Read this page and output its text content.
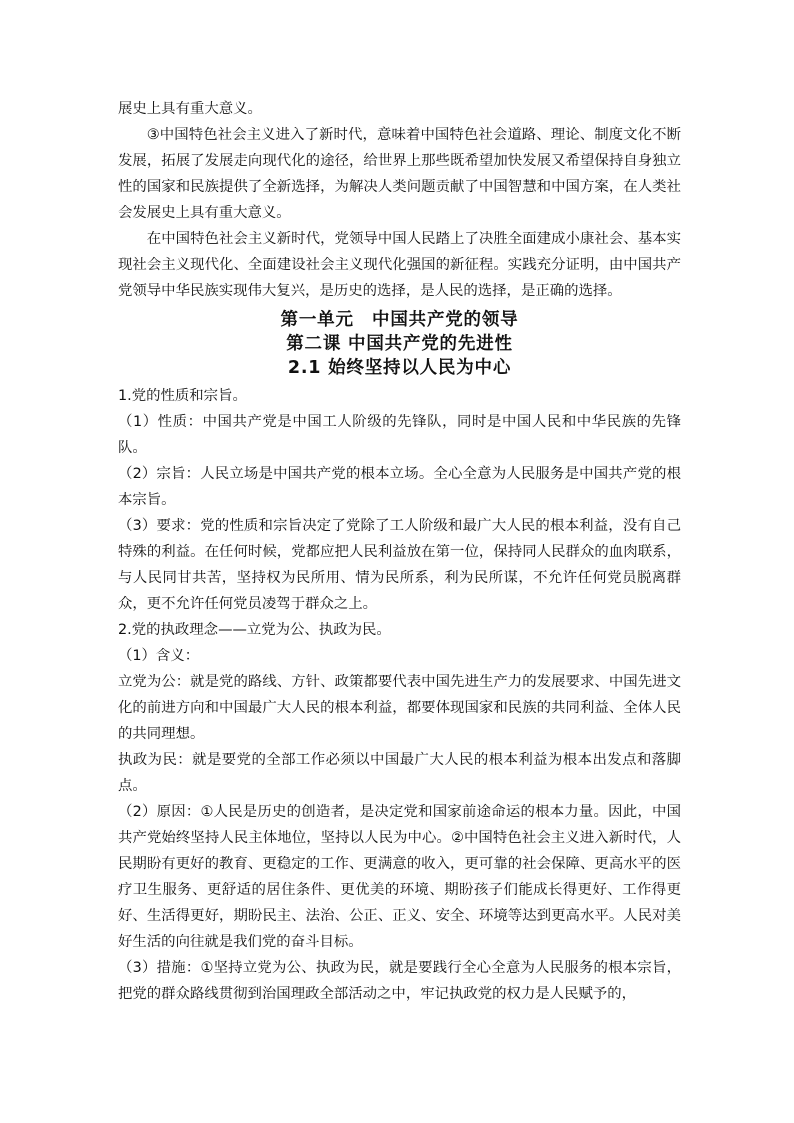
展史上具有重大意义。

③中国特色社会主义进入了新时代，意味着中国特色社会道路、理论、制度文化不断发展，拓展了发展走向现代化的途径，给世界上那些既希望加快发展又希望保持自身独立性的国家和民族提供了全新选择，为解决人类问题贡献了中国智慧和中国方案，在人类社会发展史上具有重大意义。

在中国特色社会主义新时代，党领导中国人民踏上了决胜全面建成小康社会、基本实现社会主义现代化、全面建设社会主义现代化强国的新征程。实践充分证明，由中国共产党领导中华民族实现伟大复兴，是历史的选择，是人民的选择，是正确的选择。

第一单元　中国共产党的领导
第二课 中国共产党的先进性
2.1 始终坚持以人民为中心

1.党的性质和宗旨。

（1）性质：中国共产党是中国工人阶级的先锋队，同时是中国人民和中华民族的先锋队。

（2）宗旨：人民立场是中国共产党的根本立场。全心全意为人民服务是中国共产党的根本宗旨。

（3）要求：党的性质和宗旨决定了党除了工人阶级和最广大人民的根本利益，没有自己特殊的利益。在任何时候，党都应把人民利益放在第一位，保持同人民群众的血肉联系，与人民同甘共苦，坚持权为民所用、情为民所系，利为民所谋，不允许任何党员脱离群众，更不允许任何党员凌驾于群众之上。

2.党的执政理念——立党为公、执政为民。

（1）含义：

立党为公：就是党的路线、方针、政策都要代表中国先进生产力的发展要求、中国先进文化的前进方向和中国最广大人民的根本利益，都要体现国家和民族的共同利益、全体人民的共同理想。

执政为民：就是要党的全部工作必须以中国最广大人民的根本利益为根本出发点和落脚点。

（2）原因：①人民是历史的创造者，是决定党和国家前途命运的根本力量。因此，中国共产党始终坚持人民主体地位，坚持以人民为中心。②中国特色社会主义进入新时代，人民期盼有更好的教育、更稳定的工作、更满意的收入，更可靠的社会保障、更高水平的医疗卫生服务、更舒适的居住条件、更优美的环境、期盼孩子们能成长得更好、工作得更好、生活得更好，期盼民主、法治、公正、正义、安全、环境等达到更高水平。人民对美好生活的向往就是我们党的奋斗目标。

（3）措施：①坚持立党为公、执政为民，就是要践行全心全意为人民服务的根本宗旨，把党的群众路线贯彻到治国理政全部活动之中，牢记执政党的权力是人民赋予的，
